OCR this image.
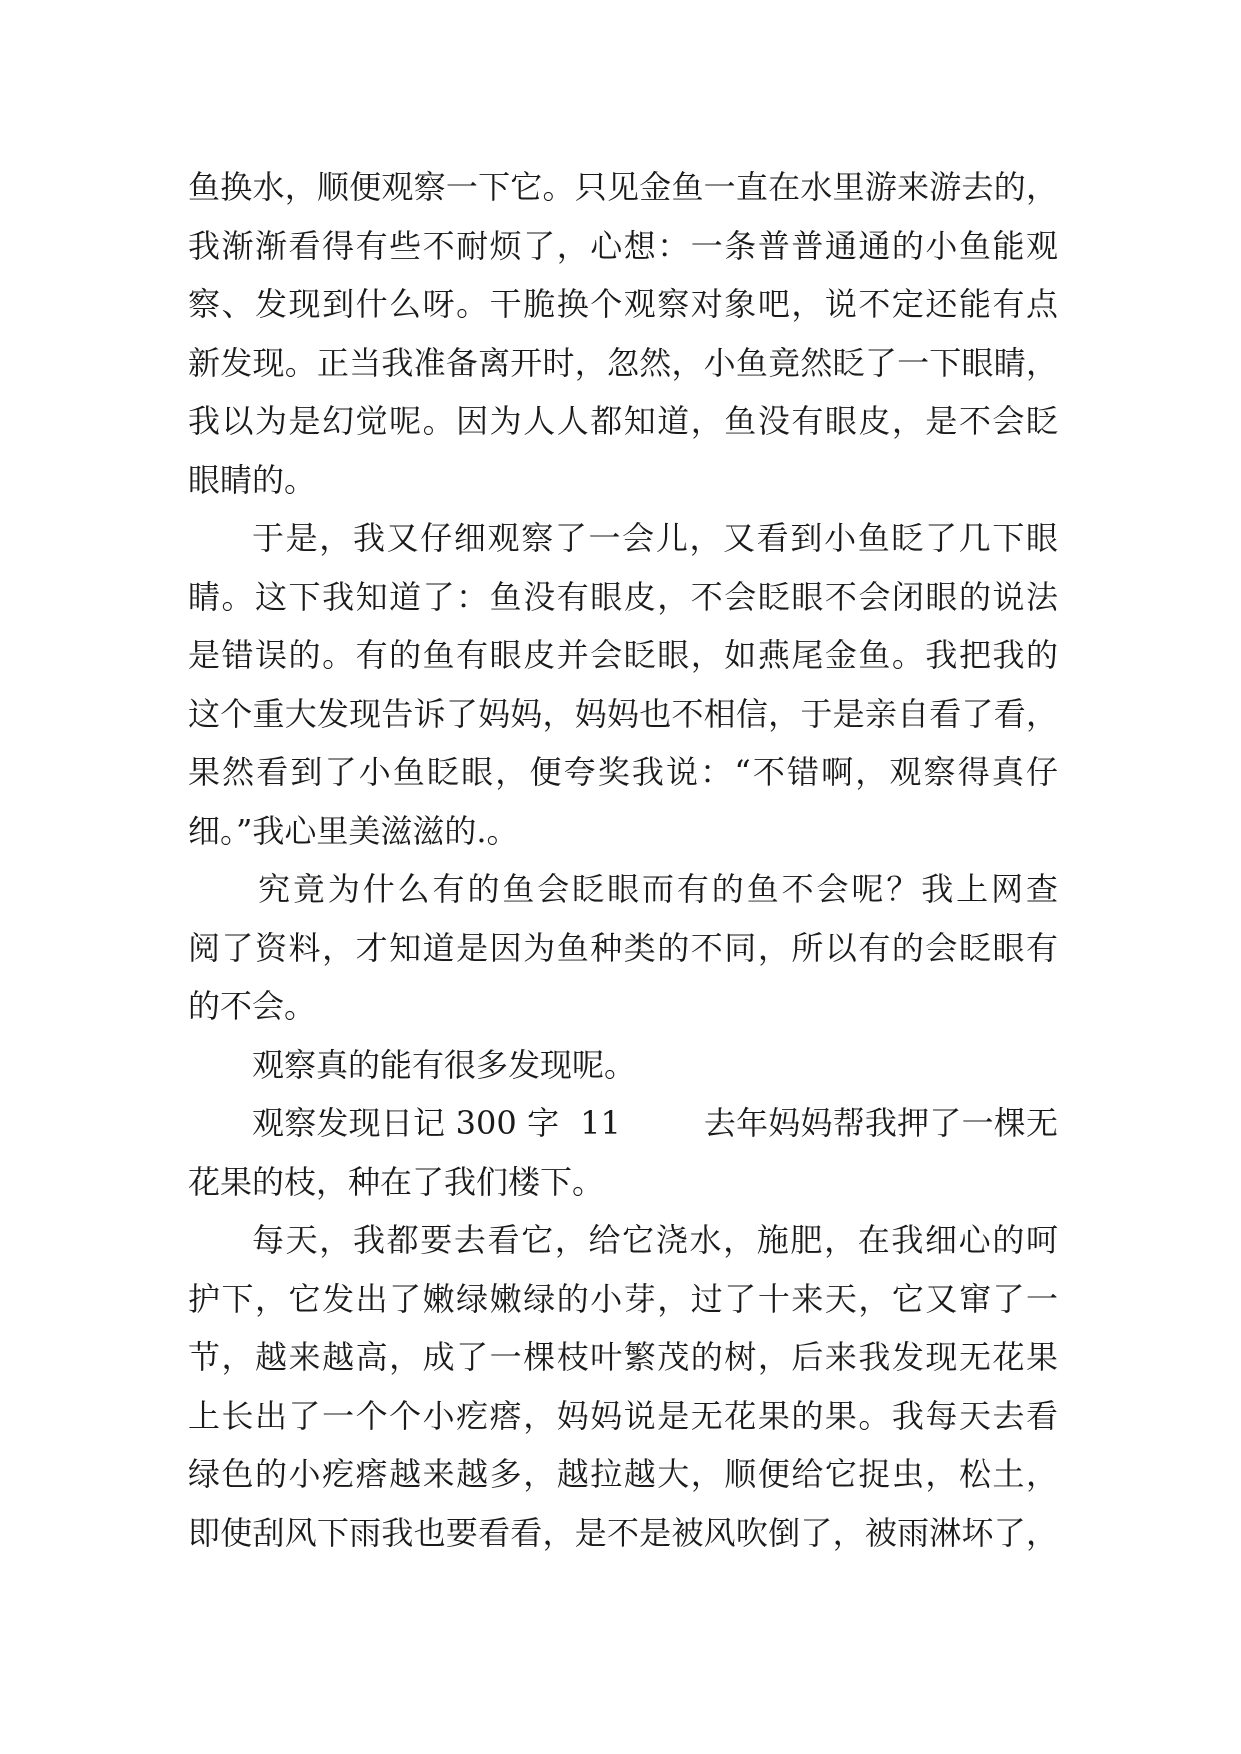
鱼换水，顺便观察一下它。只见金鱼一直在水里游来游去的，
我渐渐看得有些不耐烦了，心想：一条普普通通的小鱼能观
察、发现到什么呀。干脆换个观察对象吧，说不定还能有点
新发现。正当我准备离开时，忽然，小鱼竟然眨了一下眼睛，
我以为是幻觉呢。因为人人都知道，鱼没有眼皮，是不会眨
眼睛的。
于是，我又仔细观察了一会儿，又看到小鱼眨了几下眼
睛。这下我知道了：鱼没有眼皮，不会眨眼不会闭眼的说法
是错误的。有的鱼有眼皮并会眨眼，如燕尾金鱼。我把我的
这个重大发现告诉了妈妈，妈妈也不相信，于是亲自看了看，
果然看到了小鱼眨眼，便夸奖我说：“不错啊，观察得真仔
细。”我心里美滋滋的.。
究竟为什么有的鱼会眨眼而有的鱼不会呢？我上网查
阅了资料，才知道是因为鱼种类的不同，所以有的会眨眼有
的不会。
观察真的能有很多发现呢。
观察发现日记 300 字  11        去年妈妈帮我押了一棵无
花果的枝，种在了我们楼下。
每天，我都要去看它，给它浇水，施肥，在我细心的呵
护下，它发出了嫩绿嫩绿的小芽，过了十来天，它又窜了一
节，越来越高，成了一棵枝叶繁茂的树，后来我发现无花果
上长出了一个个小疙瘩，妈妈说是无花果的果。我每天去看
绿色的小疙瘩越来越多，越拉越大，顺便给它捉虫，松土，
即使刮风下雨我也要看看，是不是被风吹倒了，被雨淋坏了，
